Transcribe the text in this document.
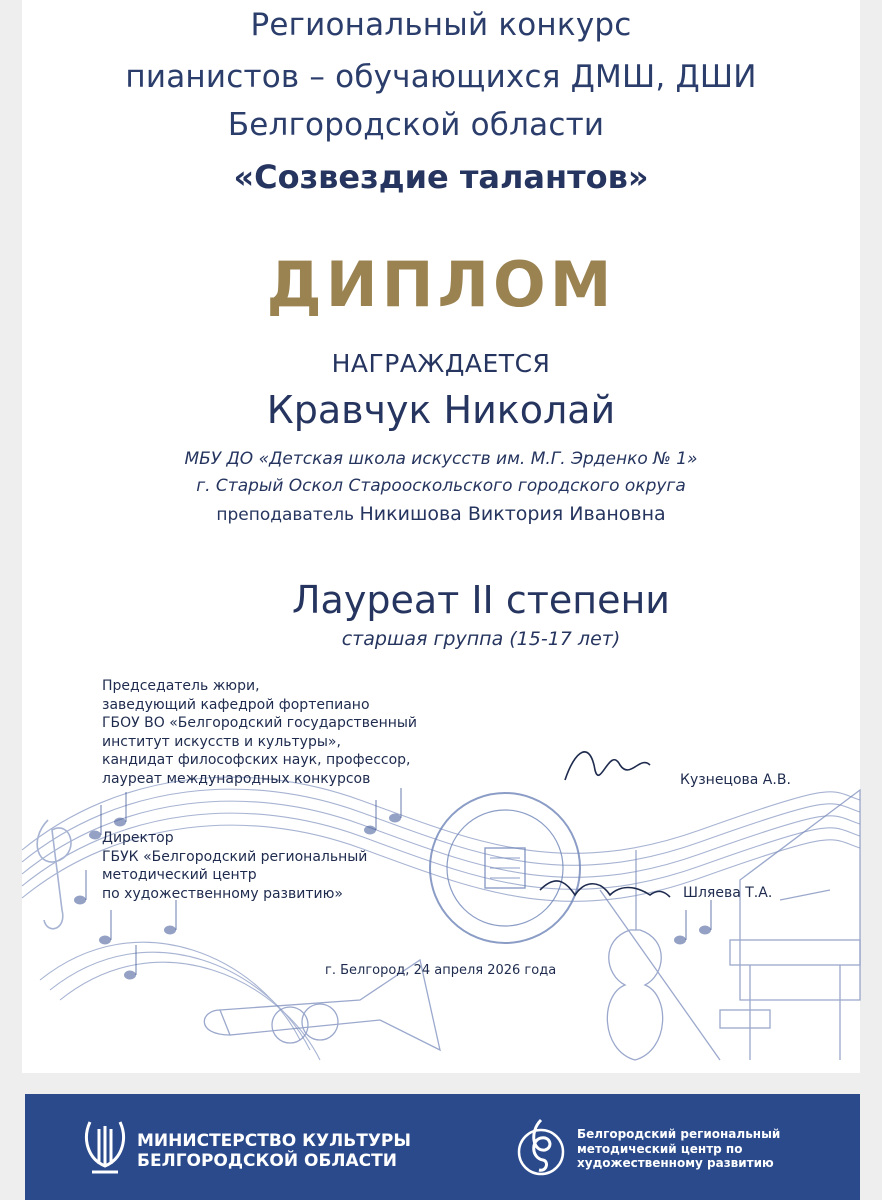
Региональный конкурс
пианистов – обучающихся ДМШ, ДШИ
Белгородской области
«Созвездие талантов»
ДИПЛОМ
НАГРАЖДАЕТСЯ
Кравчук Николай
МБУ ДО «Детская школа искусств им. М.Г. Эрденко № 1»
г. Старый Оскол Старооскольского городского округа
преподаватель Никишова Виктория Ивановна
Лауреат II степени
старшая группа (15-17 лет)
Председатель жюри,
заведующий кафедрой фортепиано
ГБОУ ВО «Белгородский государственный
институт искусств и культуры»,
кандидат философских наук, профессор,
лауреат международных конкурсов	Кузнецова А.В.
Директор
ГБУК «Белгородский региональный
методический центр
по художественному развитию»	Шляева Т.А.
г. Белгород, 24 апреля 2026 года
МИНИСТЕРСТВО КУЛЬТУРЫ
БЕЛГОРОДСКОЙ ОБЛАСТИ
Белгородский региональный
методический центр по
художественному развитию
